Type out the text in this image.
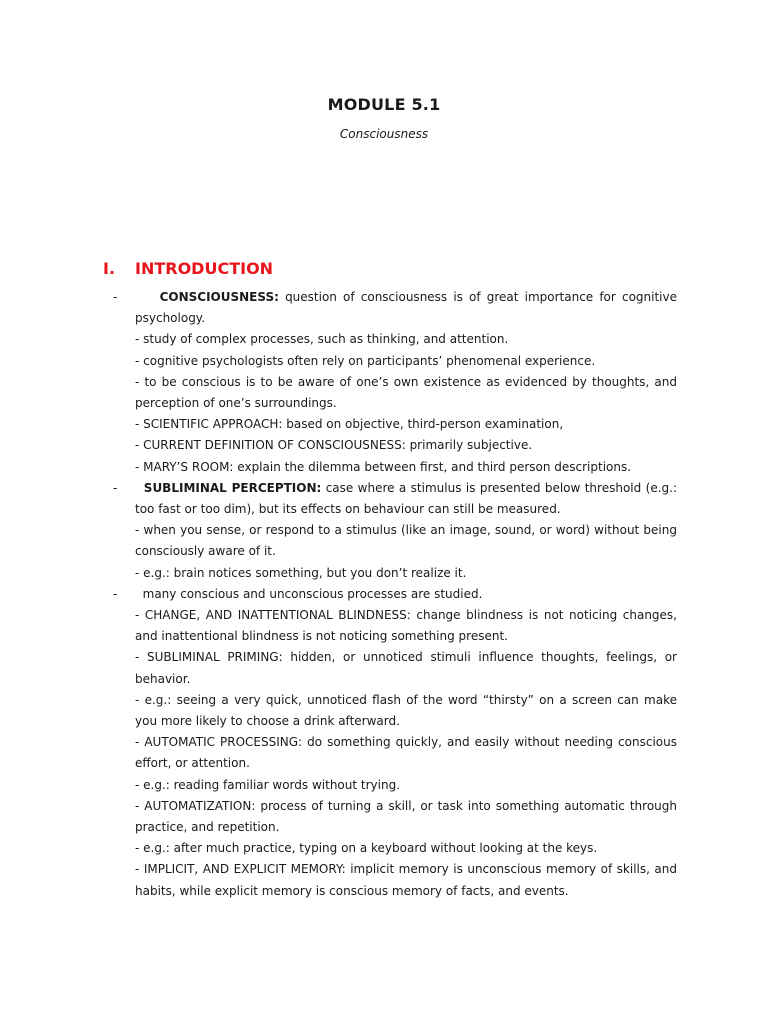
MODULE 5.1
Consciousness
I. INTRODUCTION
-	CONSCIOUSNESS: question of consciousness is of great importance for cognitive psychology.

- study of complex processes, such as thinking, and attention.

- cognitive psychologists often rely on participants’ phenomenal experience.

- to be conscious is to be aware of one’s own existence as evidenced by thoughts, and perception of one’s surroundings.

- SCIENTIFIC APPROACH: based on objective, third-person examination,

- CURRENT DEFINITION OF CONSCIOUSNESS: primarily subjective.

- MARY’S ROOM: explain the dilemma between first, and third person descriptions.

-	SUBLIMINAL PERCEPTION: case where a stimulus is presented below threshold (e.g.: too fast or too dim), but its effects on behaviour can still be measured.

- when you sense, or respond to a stimulus (like an image, sound, or word) without being consciously aware of it.

- e.g.: brain notices something, but you don’t realize it.

-	many conscious and unconscious processes are studied.

- CHANGE, AND INATTENTIONAL BLINDNESS: change blindness is not noticing changes, and inattentional blindness is not noticing something present.

- SUBLIMINAL PRIMING: hidden, or unnoticed stimuli influence thoughts, feelings, or behavior.

- e.g.: seeing a very quick, unnoticed flash of the word “thirsty” on a screen can make you more likely to choose a drink afterward.

- AUTOMATIC PROCESSING: do something quickly, and easily without needing conscious effort, or attention.

- e.g.: reading familiar words without trying.

- AUTOMATIZATION: process of turning a skill, or task into something automatic through practice, and repetition.

- e.g.: after much practice, typing on a keyboard without looking at the keys.

- IMPLICIT, AND EXPLICIT MEMORY: implicit memory is unconscious memory of skills, and habits, while explicit memory is conscious memory of facts, and events.
